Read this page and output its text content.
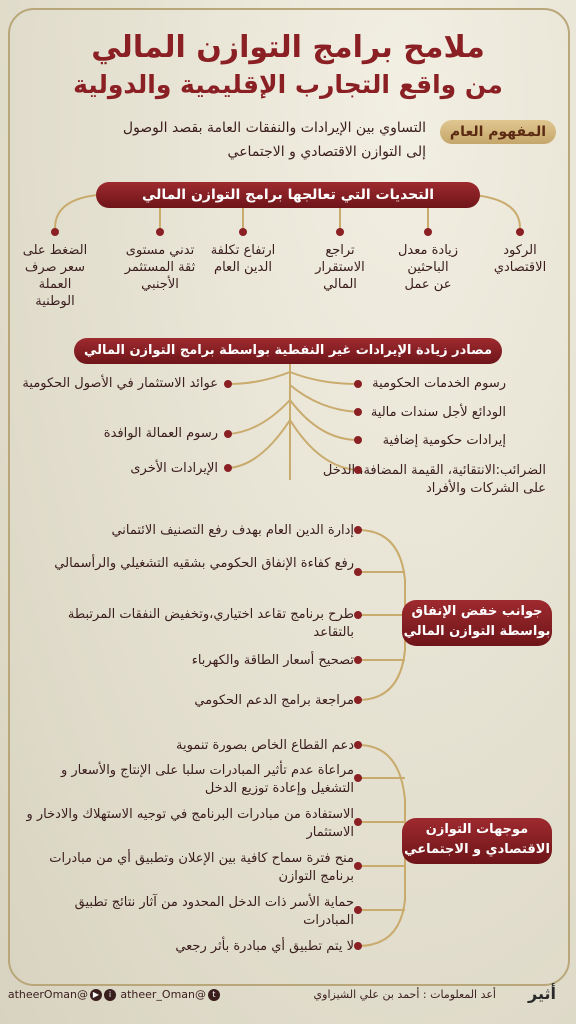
ملامح برامج التوازن المالي
من واقع التجارب الإقليمية والدولية
المفهوم العام
التساوي بين الإيرادات والنفقات العامة بقصد الوصول
إلى التوازن الاقتصادي و الاجتماعي
التحديات التي تعالجها برامج التوازن المالي
الركود
الاقتصادي
زيادة معدل
الباحثين
عن عمل
تراجع
الاستقرار
المالي
ارتفاع تكلفة
الدين العام
تدني مستوى
ثقة المستثمر
الأجنبي
الضغط على
سعر صرف
العملة
الوطنية
مصادر زيادة الإيرادات غير النفطية بواسطة برامج التوازن المالي
رسوم الخدمات الحكومية
الودائع لأجل سندات مالية
إيرادات حكومية إضافية
الضرائب:الانتقائية، القيمة المضافة، الدخل على الشركات والأفراد
عوائد الاستثمار في الأصول الحكومية
رسوم العمالة الوافدة
الإيرادات الأخرى
جوانب خفض الإنفاق
بواسطة التوازن المالي
إدارة الدين العام بهدف رفع التصنيف الائتماني
رفع كفاءة الإنفاق الحكومي بشقيه التشغيلي والرأسمالي
طرح برنامج تقاعد اختياري،وتخفيض النفقات المرتبطة بالتقاعد
تصحيح أسعار الطاقة والكهرباء
مراجعة برامج الدعم الحكومي
موجهات التوازن
الاقتصادي و الاجتماعي
دعم القطاع الخاص بصورة تنموية
مراعاة عدم تأثير المبادرات سلبا على الإنتاج والأسعار و التشغيل وإعادة توزيع الدخل
الاستفادة من مبادرات البرنامج في توجيه الاستهلاك والادخار و الاستثمار
منح فترة سماح كافية بين الإعلان وتطبيق أي من مبادرات برنامج التوازن
حماية الأسر ذات الدخل المحدود من آثار نتائج تطبيق المبادرات
لا يتم تطبيق أي مبادرة بأثر رجعي
أثير
أعد المعلومات : أحمد بن علي الشيزاوي
t@atheer_Oman
i▶@atheerOman
